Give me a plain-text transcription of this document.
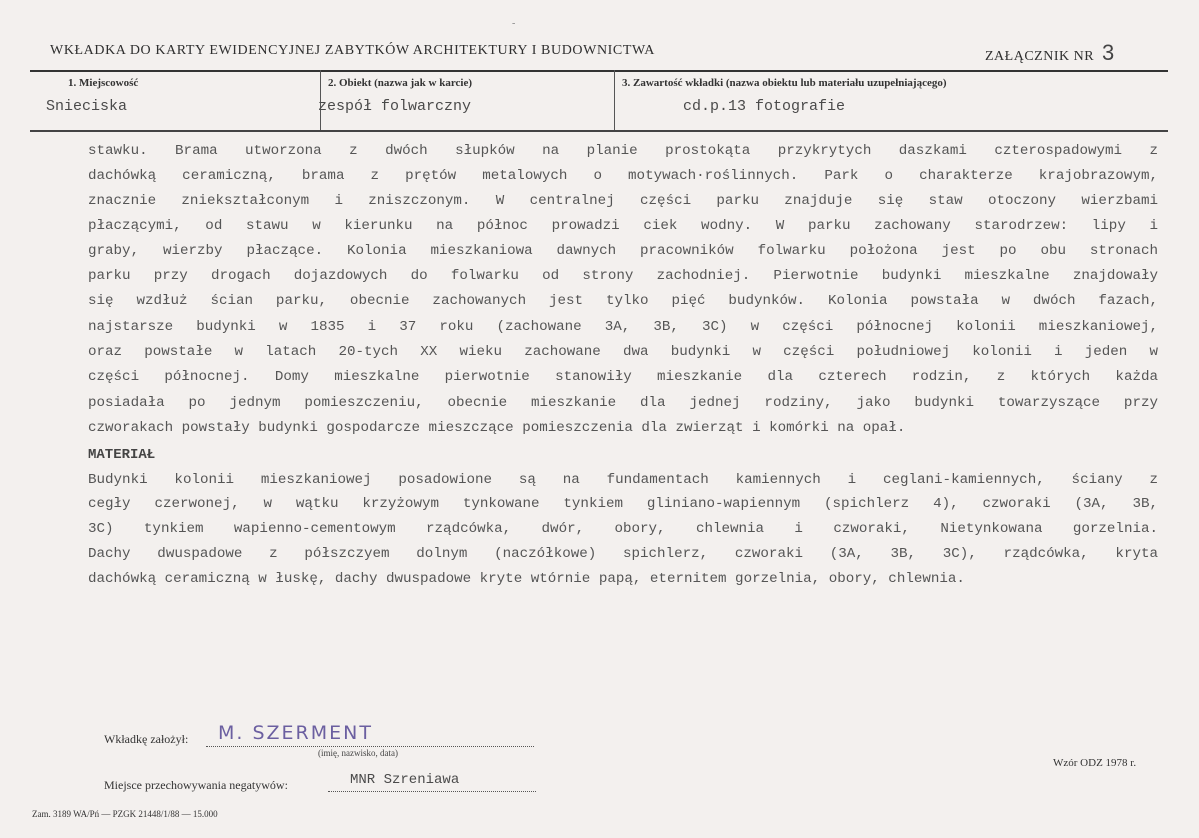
WKŁADKA DO KARTY EWIDENCYJNEJ ZABYTKÓW ARCHITEKTURY I BUDOWNICTWA
-
ZAŁĄCZNIK NR 3
1. Miejscowość
Snieciska
2. Obiekt (nazwa jak w karcie)
zespół folwarczny
3. Zawartość wkładki (nazwa obiektu lub materiału uzupełniającego)
cd.p.13 fotografie
stawku. Brama utworzona z dwóch słupków na planie prostokąta przykrytych daszkami czterospadowymi z
dachówką ceramiczną, brama z prętów metalowych o motywach·roślinnych. Park o charakterze krajobrazowym,
znacznie zniekształconym i zniszczonym. W centralnej części parku znajduje się staw otoczony wierzbami
płaczącymi, od stawu w kierunku na północ prowadzi ciek wodny. W parku zachowany starodrzew: lipy i
graby, wierzby płaczące. Kolonia mieszkaniowa dawnych pracowników folwarku położona jest po obu stronach
parku przy drogach dojazdowych do folwarku od strony zachodniej. Pierwotnie budynki mieszkalne znajdowały
się wzdłuż ścian parku, obecnie zachowanych jest tylko pięć budynków. Kolonia powstała w dwóch fazach,
najstarsze budynki w 1835 i 37 roku (zachowane 3A, 3B, 3C) w części północnej kolonii mieszkaniowej,
oraz powstałe w latach 20-tych XX wieku zachowane dwa budynki w części południowej kolonii i jeden w
części północnej. Domy mieszkalne pierwotnie stanowiły mieszkanie dla czterech rodzin, z których każda
posiadała po jednym pomieszczeniu, obecnie mieszkanie dla jednej rodziny, jako budynki towarzyszące przy
czworakach powstały budynki gospodarcze mieszczące pomieszczenia dla zwierząt i komórki na opał.
MATERIAŁ
Budynki kolonii mieszkaniowej posadowione są na fundamentach kamiennych i ceglani-kamiennych, ściany z
cegły czerwonej, w wątku krzyżowym tynkowane tynkiem gliniano-wapiennym (spichlerz 4), czworaki (3A, 3B,
3C) tynkiem wapienno-cementowym rządcówka, dwór, obory, chlewnia i czworaki, Nietynkowana gorzelnia.
Dachy dwuspadowe z półszczyem dolnym (naczółkowe) spichlerz, czworaki (3A, 3B, 3C), rządcówka, kryta
dachówką ceramiczną w łuskę, dachy dwuspadowe kryte wtórnie papą, eternitem gorzelnia, obory, chlewnia.
Wkładkę założył: M. SZERMENT
(imię, nazwisko, data)
Miejsce przechowywania negatywów:	MNR Szreniawa
Wzór ODZ 1978 r.
Zam. 3189 WA/Pń — PZGK 21448/1/88 — 15.000
